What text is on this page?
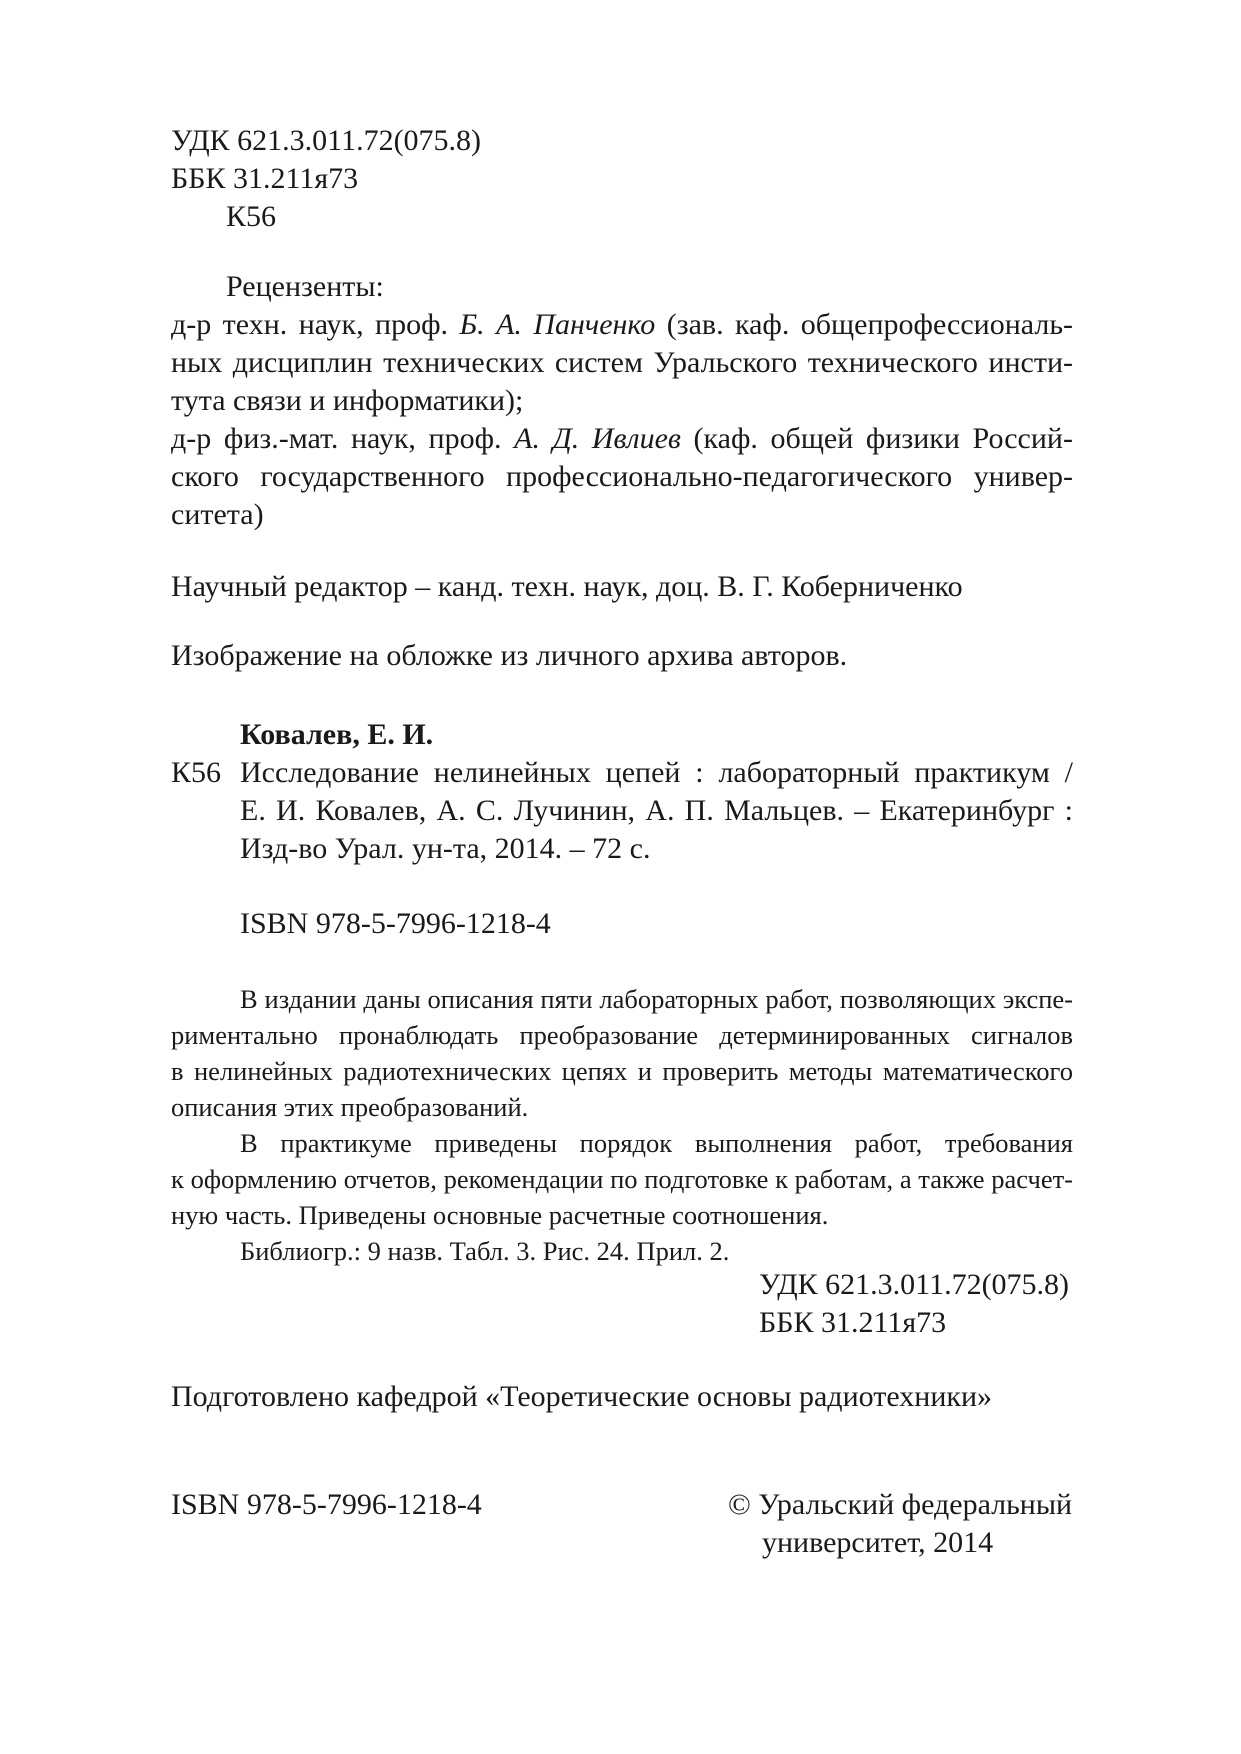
УДК 621.3.011.72(075.8)
ББК 31.211я73
К56
Рецензенты:
д-р техн. наук, проф. Б. А. Панченко (зав. каф. общепрофессиональ-
ных дисциплин технических систем Уральского технического инсти-
тута связи и информатики);
д-р физ.-мат. наук, проф. А. Д. Ивлиев (каф. общей физики Россий-
ского государственного профессионально-педагогического универ-
ситета)
Научный редактор – канд. техн. наук, доц. В. Г. Коберниченко
Изображение на обложке из личного архива авторов.
Ковалев, Е. И.
К56 Исследование нелинейных цепей : лабораторный практикум /
Е. И. Ковалев, А. С. Лучинин, А. П. Мальцев. – Екатеринбург :
Изд-во Урал. ун-та, 2014. – 72 с.
ISBN 978-5-7996-1218-4
В издании даны описания пяти лабораторных работ, позволяющих экспе-
риментально пронаблюдать преобразование детерминированных сигналов
в нелинейных радиотехнических цепях и проверить методы математического
описания этих преобразований.
В практикуме приведены порядок выполнения работ, требования
к оформлению отчетов, рекомендации по подготовке к работам, а также расчет-
ную часть. Приведены основные расчетные соотношения.
Библиогр.: 9 назв. Табл. 3. Рис. 24. Прил. 2.
УДК 621.3.011.72(075.8)
ББК 31.211я73
Подготовлено кафедрой «Теоретические основы радиотехники»
ISBN 978-5-7996-1218-4	© Уральский федеральный
университет, 2014
